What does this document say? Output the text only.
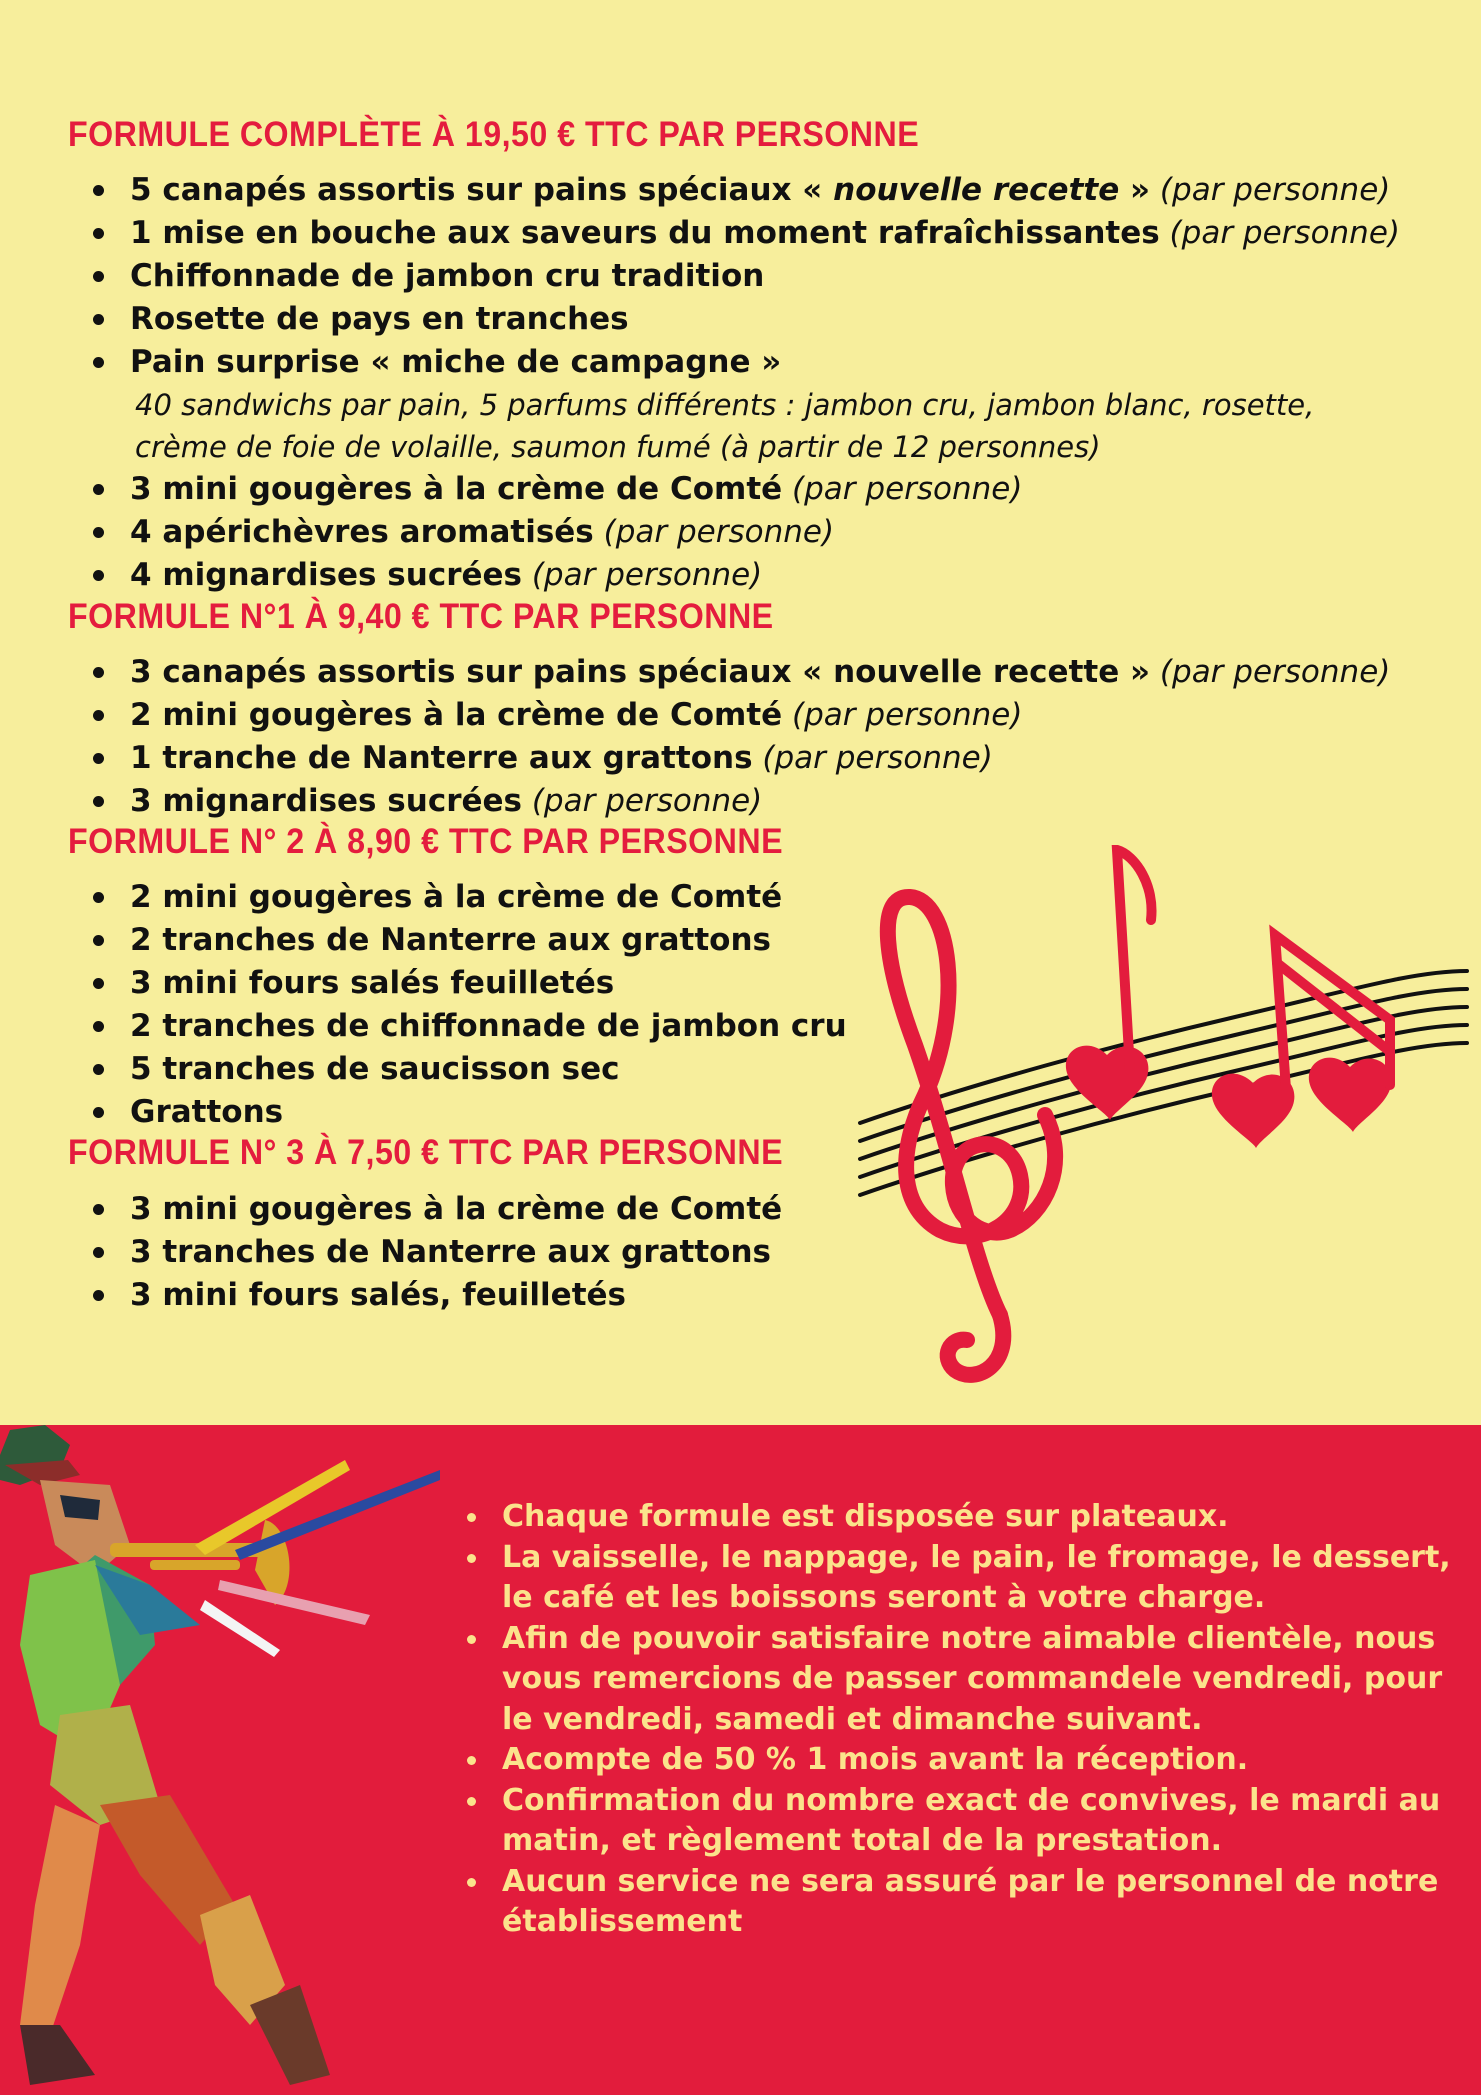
FORMULE COMPLÈTE À 19,50 € TTC PAR PERSONNE
5 canapés assortis sur pains spéciaux « nouvelle recette » (par personne)
1 mise en bouche aux saveurs du moment rafraîchissantes (par personne)
Chiffonnade de jambon cru tradition
Rosette de pays en tranches
Pain surprise « miche de campagne »
40 sandwichs par pain, 5 parfums différents : jambon cru, jambon blanc, rosette,
crème de foie de volaille, saumon fumé (à partir de 12 personnes)
3 mini gougères à la crème de Comté (par personne)
4 apérichèvres aromatisés (par personne)
4 mignardises sucrées (par personne)
FORMULE N°1 À 9,40 € TTC PAR PERSONNE
3 canapés assortis sur pains spéciaux « nouvelle recette » (par personne)
2 mini gougères à la crème de Comté (par personne)
1 tranche de Nanterre aux grattons (par personne)
3 mignardises sucrées (par personne)
FORMULE N° 2 À 8,90 € TTC PAR PERSONNE
2 mini gougères à la crème de Comté
2 tranches de Nanterre aux grattons
3 mini fours salés feuilletés
2 tranches de chiffonnade de jambon cru
5 tranches de saucisson sec
Grattons
FORMULE N° 3 À 7,50 € TTC PAR PERSONNE
3 mini gougères à la crème de Comté
3 tranches de Nanterre aux grattons
3 mini fours salés, feuilletés
Chaque formule est disposée sur plateaux.
La vaisselle, le nappage, le pain, le fromage, le dessert, le café et les boissons seront à votre charge.
Afin de pouvoir satisfaire notre aimable clientèle, nous vous remercions de passer commandele vendredi, pour le vendredi, samedi et dimanche suivant.
Acompte de 50 % 1 mois avant la réception.
Confirmation du nombre exact de convives, le mardi au matin, et règlement total de la prestation.
Aucun service ne sera assuré par le personnel de notre établissement
